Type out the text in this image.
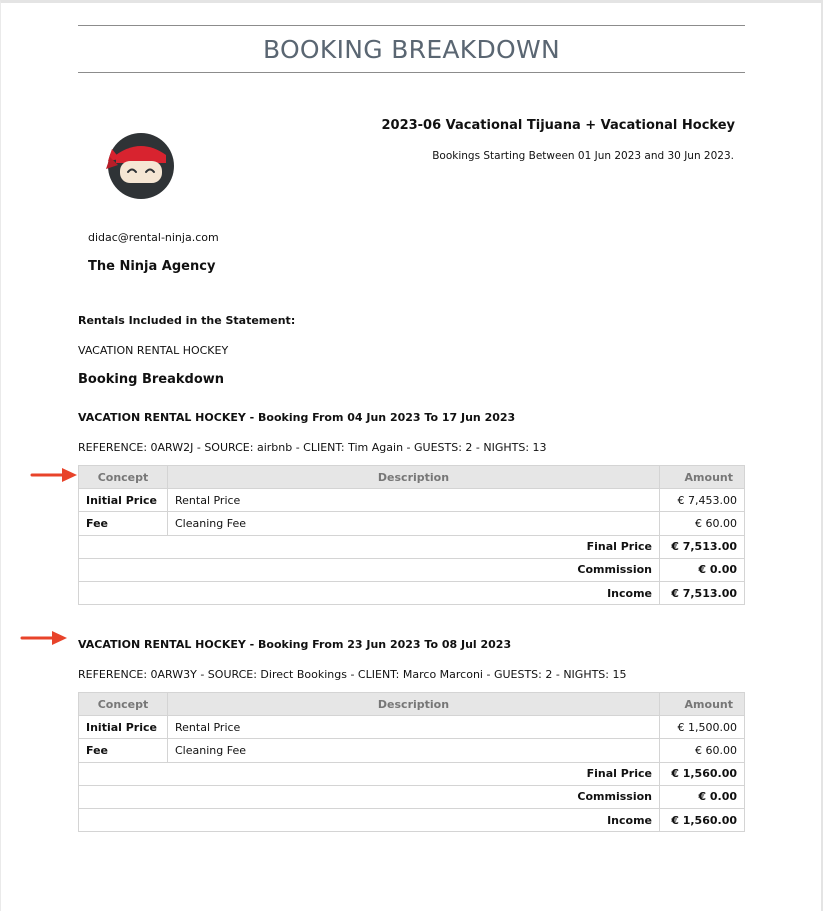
BOOKING BREAKDOWN
2023-06 Vacational Tijuana + Vacational Hockey
Bookings Starting Between 01 Jun 2023 and 30 Jun 2023.
didac@rental-ninja.com
The Ninja Agency
Rentals Included in the Statement:
VACATION RENTAL HOCKEY
Booking Breakdown
VACATION RENTAL HOCKEY - Booking From 04 Jun 2023 To 17 Jun 2023
REFERENCE: 0ARW2J - SOURCE: airbnb - CLIENT: Tim Again - GUESTS: 2 - NIGHTS: 13
Concept	Description	Amount
Initial Price	Rental Price	€ 7,453.00
Fee	Cleaning Fee	€ 60.00
Final Price		€ 7,513.00
Commission		€ 0.00
Income		€ 7,513.00
VACATION RENTAL HOCKEY - Booking From 23 Jun 2023 To 08 Jul 2023
REFERENCE: 0ARW3Y - SOURCE: Direct Bookings - CLIENT: Marco Marconi - GUESTS: 2 - NIGHTS: 15
Concept	Description	Amount
Initial Price	Rental Price	€ 1,500.00
Fee	Cleaning Fee	€ 60.00
Final Price		€ 1,560.00
Commission		€ 0.00
Income		€ 1,560.00
